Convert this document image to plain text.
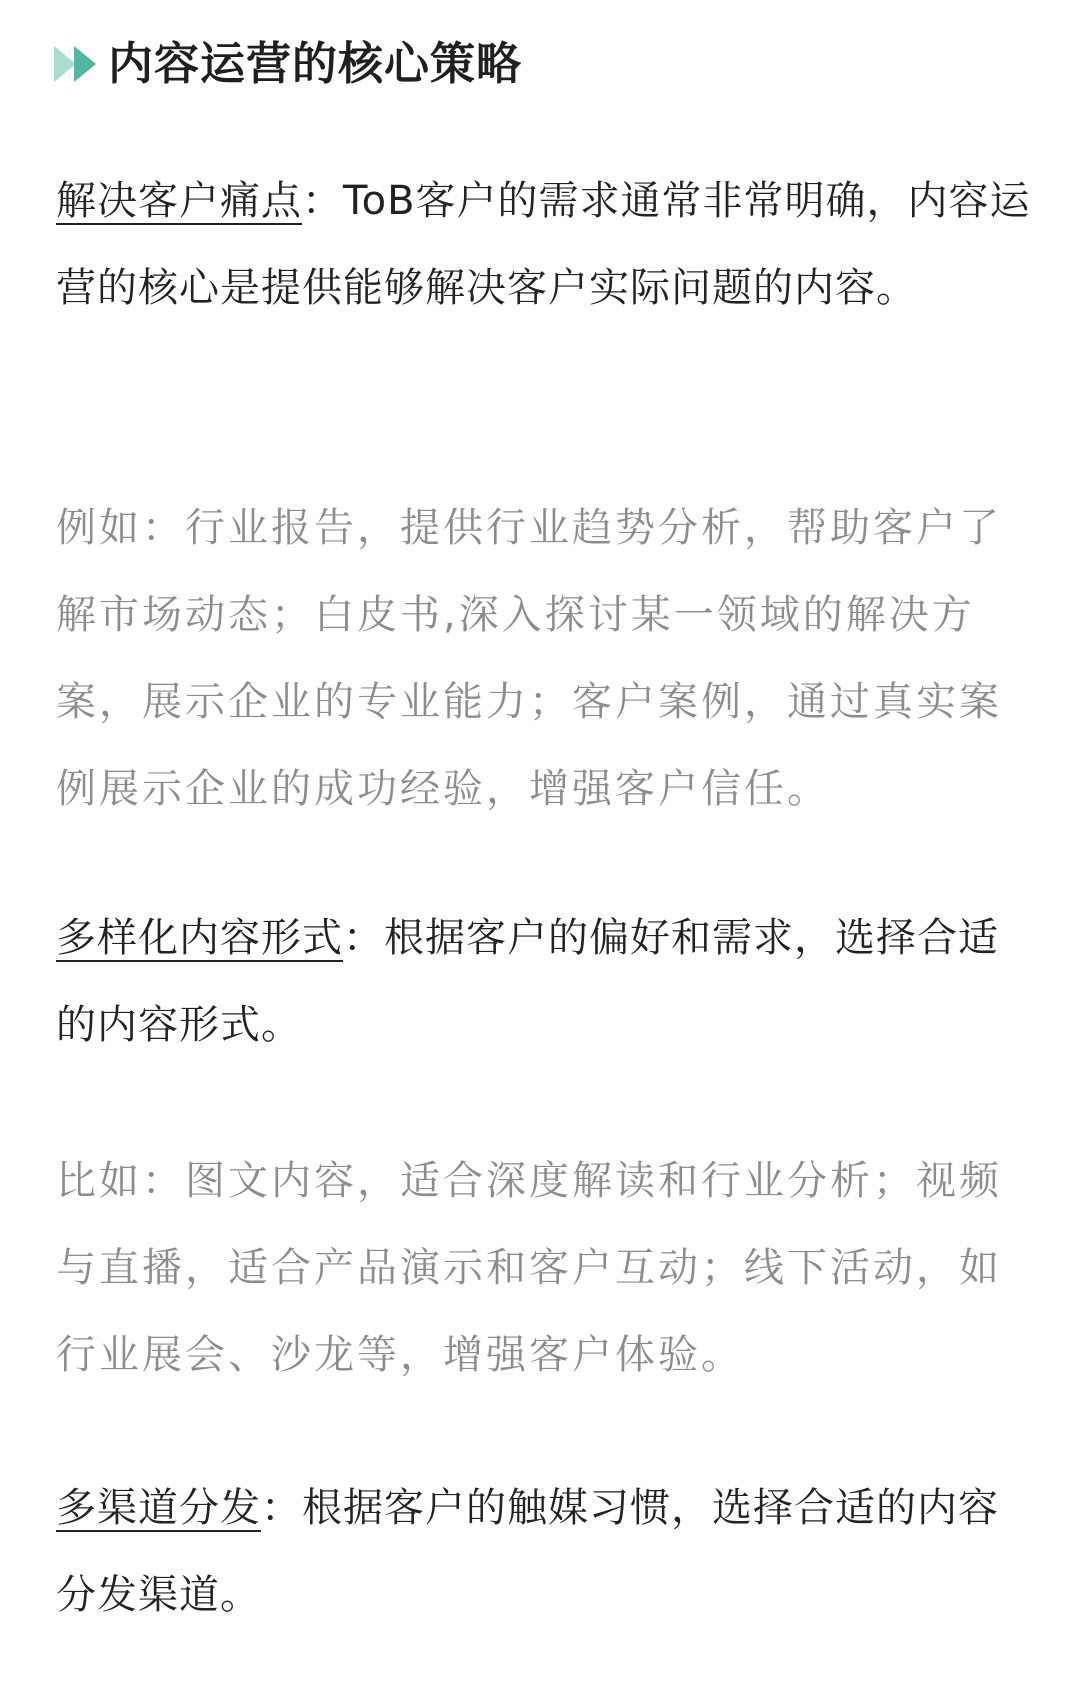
内容运营的核心策略

解决客户痛点：ToB客户的需求通常非常明确，内容运营的核心是提供能够解决客户实际问题的内容。

例如：行业报告，提供行业趋势分析，帮助客户了解市场动态；白皮书,深入探讨某一领域的解决方案，展示企业的专业能力；客户案例，通过真实案例展示企业的成功经验，增强客户信任。

多样化内容形式：根据客户的偏好和需求，选择合适的内容形式。

比如：图文内容，适合深度解读和行业分析；视频与直播，适合产品演示和客户互动；线下活动，如行业展会、沙龙等，增强客户体验。

多渠道分发：根据客户的触媒习惯，选择合适的内容分发渠道。
